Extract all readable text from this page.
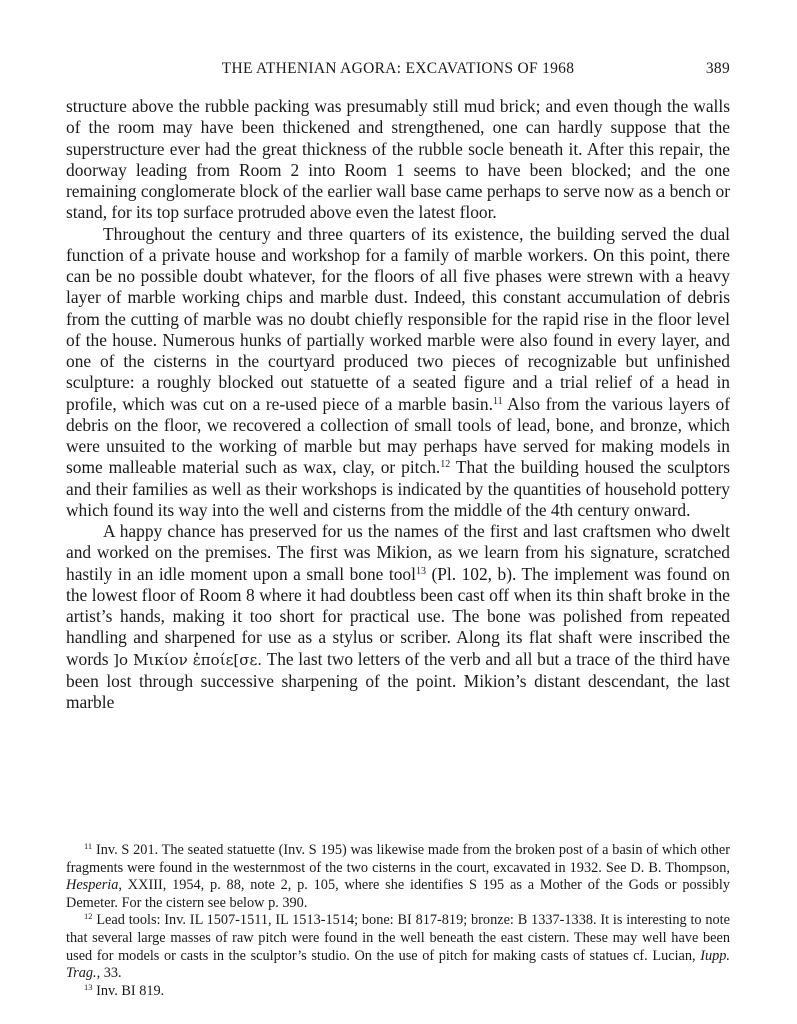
THE ATHENIAN AGORA: EXCAVATIONS OF 1968	389

structure above the rubble packing was presumably still mud brick; and even though the walls of the room may have been thickened and strengthened, one can hardly suppose that the superstructure ever had the great thickness of the rubble socle beneath it. After this repair, the doorway leading from Room 2 into Room 1 seems to have been blocked; and the one remaining conglomerate block of the earlier wall base came perhaps to serve now as a bench or stand, for its top surface protruded above even the latest floor.

Throughout the century and three quarters of its existence, the building served the dual function of a private house and workshop for a family of marble workers. On this point, there can be no possible doubt whatever, for the floors of all five phases were strewn with a heavy layer of marble working chips and marble dust. Indeed, this constant accumulation of debris from the cutting of marble was no doubt chiefly responsible for the rapid rise in the floor level of the house. Numerous hunks of partially worked marble were also found in every layer, and one of the cisterns in the courtyard produced two pieces of recognizable but unfinished sculpture: a roughly blocked out statuette of a seated figure and a trial relief of a head in profile, which was cut on a re-used piece of a marble basin.$^{11}$ Also from the various layers of debris on the floor, we recovered a collection of small tools of lead, bone, and bronze, which were unsuited to the working of marble but may perhaps have served for making models in some malleable material such as wax, clay, or pitch.$^{12}$ That the building housed the sculptors and their families as well as their workshops is indicated by the quantities of household pottery which found its way into the well and cisterns from the middle of the 4th century onward.

A happy chance has preserved for us the names of the first and last craftsmen who dwelt and worked on the premises. The first was Mikion, as we learn from his signature, scratched hastily in an idle moment upon a small bone tool$^{13}$ (Pl. 102, b). The implement was found on the lowest floor of Room 8 where it had doubtless been cast off when its thin shaft broke in the artist’s hands, making it too short for practical use. The bone was polished from repeated handling and sharpened for use as a stylus or scriber. Along its flat shaft were inscribed the words ]ο Μικίον ἐποίε[σε. The last two letters of the verb and all but a trace of the third have been lost through successive sharpening of the point. Mikion’s distant descendant, the last marble

$^{11}$ Inv. S 201. The seated statuette (Inv. S 195) was likewise made from the broken post of a basin of which other fragments were found in the westernmost of the two cisterns in the court, excavated in 1932. See D. B. Thompson, Hesperia, XXIII, 1954, p. 88, note 2, p. 105, where she identifies S 195 as a Mother of the Gods or possibly Demeter. For the cistern see below p. 390.

$^{12}$ Lead tools: Inv. IL 1507-1511, IL 1513-1514; bone: BI 817-819; bronze: B 1337-1338. It is interesting to note that several large masses of raw pitch were found in the well beneath the east cistern. These may well have been used for models or casts in the sculptor’s studio. On the use of pitch for making casts of statues cf. Lucian, Iupp. Trag., 33.

$^{13}$ Inv. BI 819.
